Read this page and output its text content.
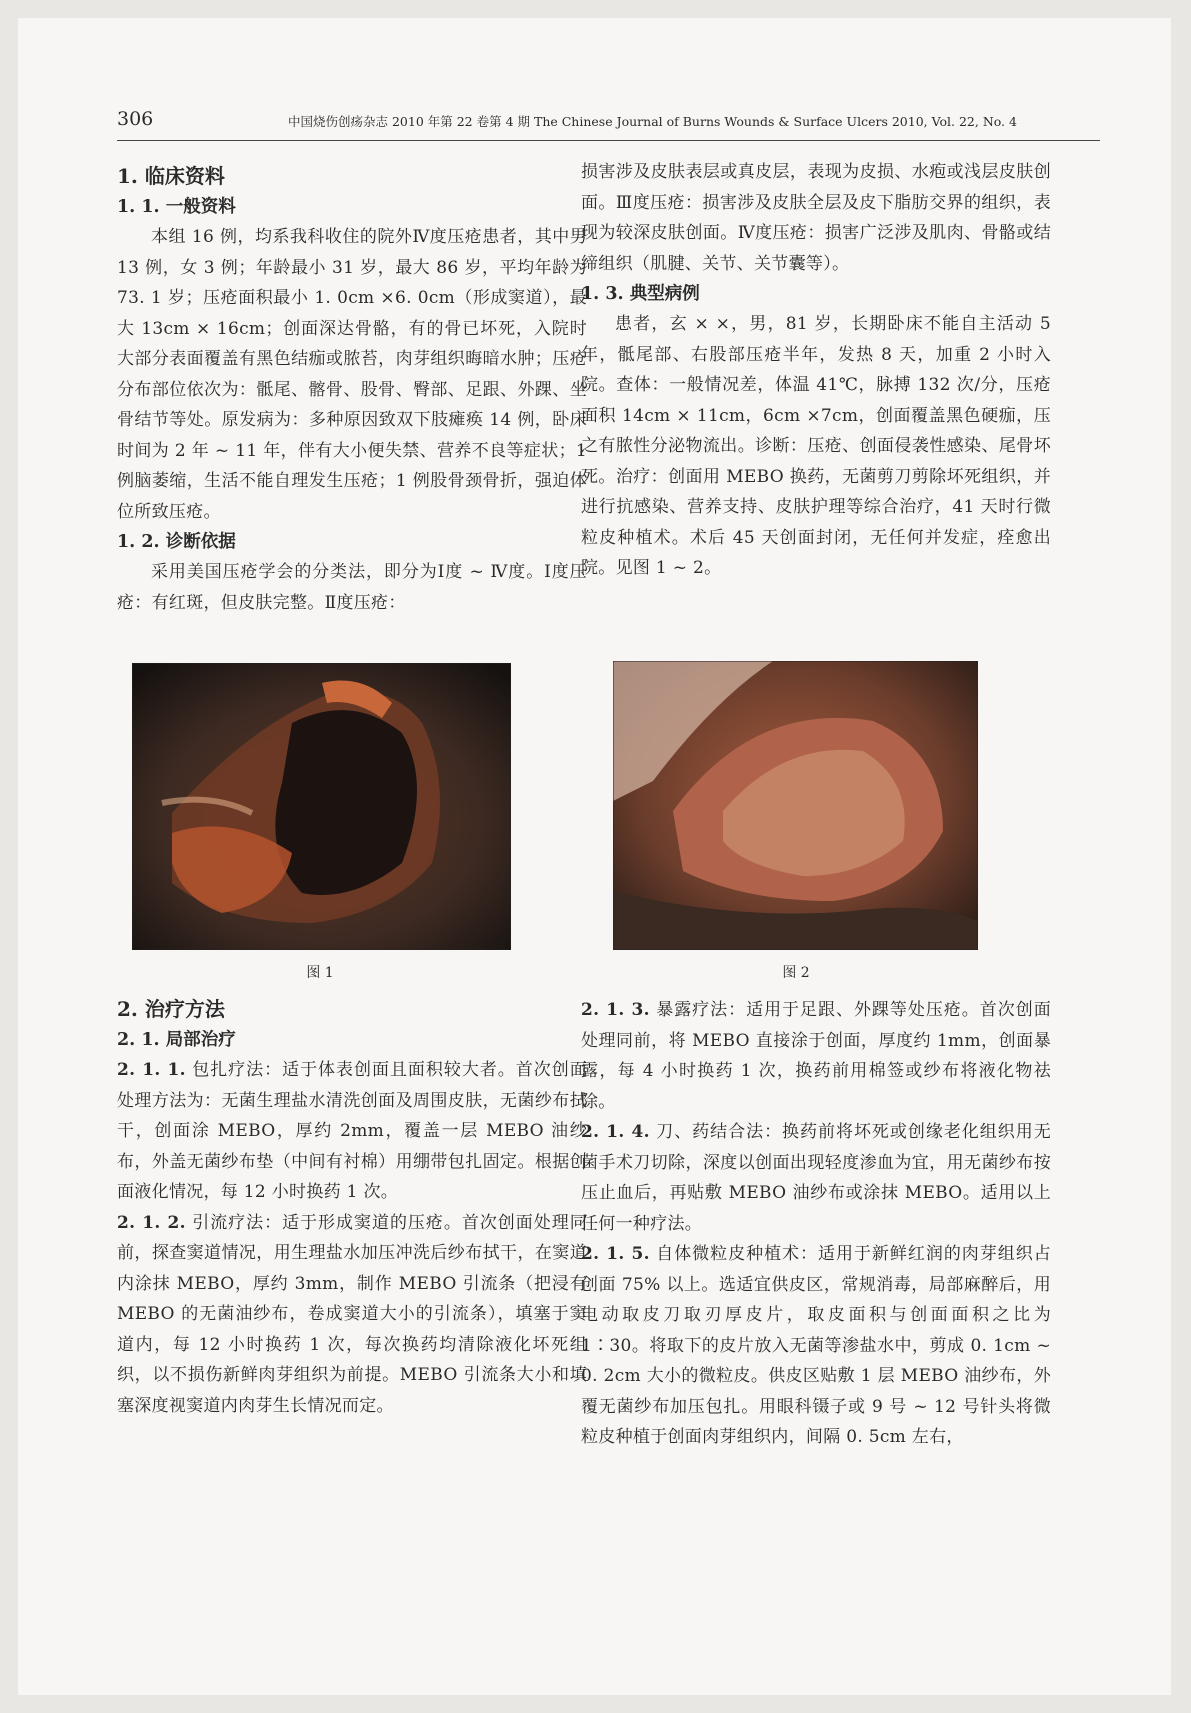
306	中国烧伤创疡杂志 2010 年第 22 卷第 4 期 The Chinese Journal of Burns Wounds & Surface Ulcers 2010, Vol. 22, No. 4
1. 临床资料
1. 1. 一般资料

本组 16 例，均系我科收住的院外Ⅳ度压疮患者，其中男 13 例，女 3 例；年龄最小 31 岁，最大 86 岁，平均年龄为 73. 1 岁；压疮面积最小 1. 0cm ×6. 0cm（形成窦道），最大 13cm × 16cm；创面深达骨骼，有的骨已坏死，入院时大部分表面覆盖有黑色结痂或脓苔，肉芽组织晦暗水肿；压疮分布部位依次为：骶尾、髂骨、股骨、臀部、足跟、外踝、坐骨结节等处。原发病为：多种原因致双下肢瘫痪 14 例，卧床时间为 2 年 ~ 11 年，伴有大小便失禁、营养不良等症状；1 例脑萎缩，生活不能自理发生压疮；1 例股骨颈骨折，强迫体位所致压疮。

1. 2. 诊断依据

采用美国压疮学会的分类法，即分为Ⅰ度 ~ Ⅳ度。Ⅰ度压疮：有红斑，但皮肤完整。Ⅱ度压疮：

损害涉及皮肤表层或真皮层，表现为皮损、水疱或浅层皮肤创面。Ⅲ度压疮：损害涉及皮肤全层及皮下脂肪交界的组织，表现为较深皮肤创面。Ⅳ度压疮：损害广泛涉及肌肉、骨骼或结缔组织（肌腱、关节、关节囊等）。

1. 3. 典型病例

患者，玄 × ×，男，81 岁，长期卧床不能自主活动 5 年，骶尾部、右股部压疮半年，发热 8 天，加重 2 小时入院。查体：一般情况差，体温 41℃，脉搏 132 次/分，压疮面积 14cm × 11cm，6cm ×7cm，创面覆盖黑色硬痂，压之有脓性分泌物流出。诊断：压疮、创面侵袭性感染、尾骨坏死。治疗：创面用 MEBO 换药，无菌剪刀剪除坏死组织，并进行抗感染、营养支持、皮肤护理等综合治疗，41 天时行微粒皮种植术。术后 45 天创面封闭，无任何并发症，痊愈出院。见图 1 ~ 2。

图 1	图 2
2. 治疗方法
2. 1. 局部治疗

2. 1. 1. 包扎疗法：适于体表创面且面积较大者。首次创面处理方法为：无菌生理盐水清洗创面及周围皮肤，无菌纱布拭干，创面涂 MEBO，厚约 2mm，覆盖一层 MEBO 油纱布，外盖无菌纱布垫（中间有衬棉）用绷带包扎固定。根据创面液化情况，每 12 小时换药 1 次。

2. 1. 2. 引流疗法：适于形成窦道的压疮。首次创面处理同前，探查窦道情况，用生理盐水加压冲洗后纱布拭干，在窦道内涂抹 MEBO，厚约 3mm，制作 MEBO 引流条（把浸有 MEBO 的无菌油纱布，卷成窦道大小的引流条），填塞于窦道内，每 12 小时换药 1 次，每次换药均清除液化坏死组织，以不损伤新鲜肉芽组织为前提。MEBO 引流条大小和填塞深度视窦道内肉芽生长情况而定。

2. 1. 3. 暴露疗法：适用于足跟、外踝等处压疮。首次创面处理同前，将 MEBO 直接涂于创面，厚度约 1mm，创面暴露，每 4 小时换药 1 次，换药前用棉签或纱布将液化物祛除。

2. 1. 4. 刀、药结合法：换药前将坏死或创缘老化组织用无菌手术刀切除，深度以创面出现轻度渗血为宜，用无菌纱布按压止血后，再贴敷 MEBO 油纱布或涂抹 MEBO。适用以上任何一种疗法。

2. 1. 5. 自体微粒皮种植术：适用于新鲜红润的肉芽组织占创面 75% 以上。选适宜供皮区，常规消毒，局部麻醉后，用电动取皮刀取刃厚皮片，取皮面积与创面面积之比为 1∶30。将取下的皮片放入无菌等渗盐水中，剪成 0. 1cm ~ 0. 2cm 大小的微粒皮。供皮区贴敷 1 层 MEBO 油纱布，外覆无菌纱布加压包扎。用眼科镊子或 9 号 ~ 12 号针头将微粒皮种植于创面肉芽组织内，间隔 0. 5cm 左右，
